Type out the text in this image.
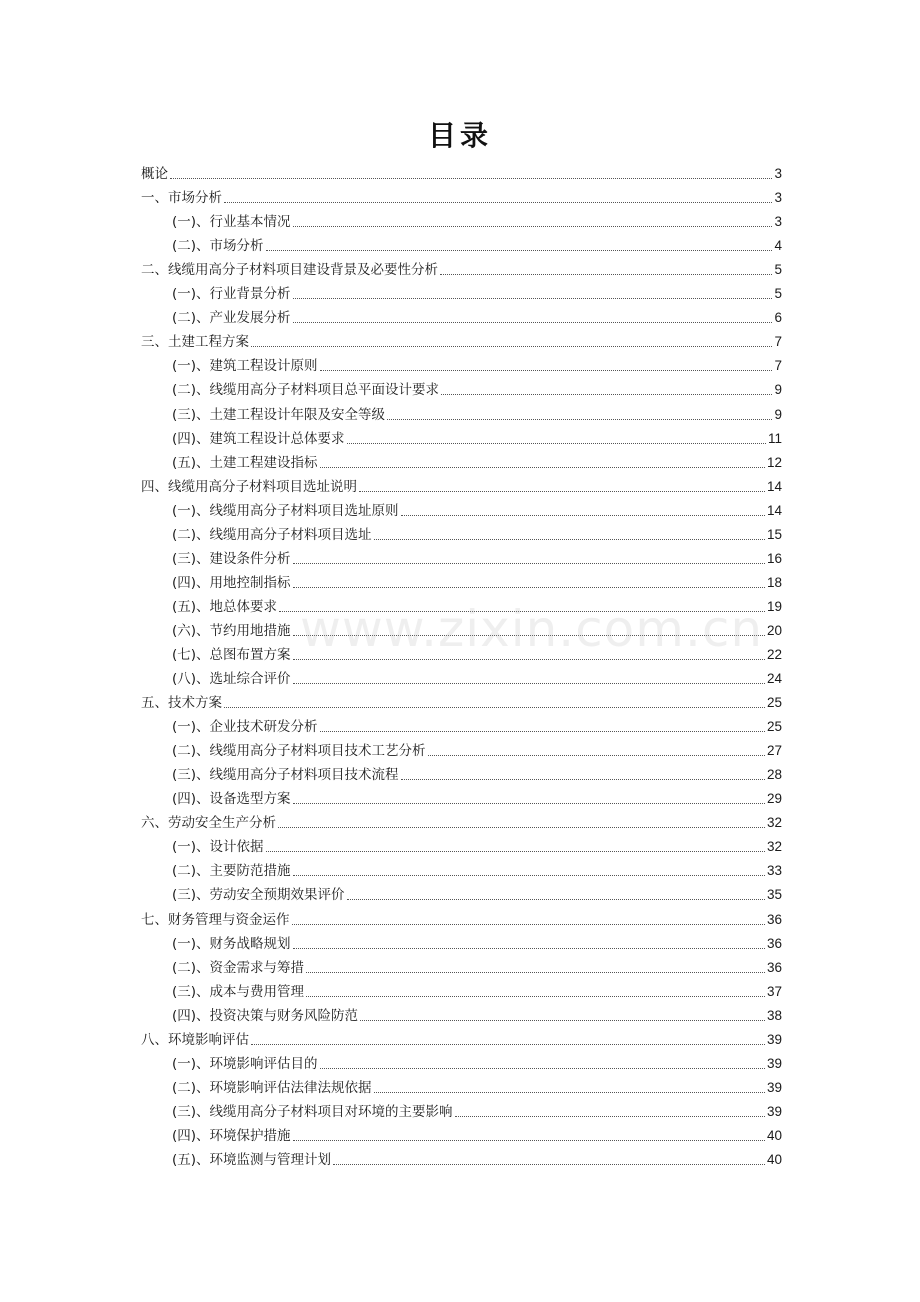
目录
概论	3
一、市场分析	3
(一)、行业基本情况	3
(二)、市场分析	4
二、线缆用高分子材料项目建设背景及必要性分析	5
(一)、行业背景分析	5
(二)、产业发展分析	6
三、土建工程方案	7
(一)、建筑工程设计原则	7
(二)、线缆用高分子材料项目总平面设计要求	9
(三)、土建工程设计年限及安全等级	9
(四)、建筑工程设计总体要求	11
(五)、土建工程建设指标	12
四、线缆用高分子材料项目选址说明	14
(一)、线缆用高分子材料项目选址原则	14
(二)、线缆用高分子材料项目选址	15
(三)、建设条件分析	16
(四)、用地控制指标	18
(五)、地总体要求	19
(六)、节约用地措施	20
(七)、总图布置方案	22
(八)、选址综合评价	24
五、技术方案	25
(一)、企业技术研发分析	25
(二)、线缆用高分子材料项目技术工艺分析	27
(三)、线缆用高分子材料项目技术流程	28
(四)、设备选型方案	29
六、劳动安全生产分析	32
(一)、设计依据	32
(二)、主要防范措施	33
(三)、劳动安全预期效果评价	35
七、财务管理与资金运作	36
(一)、财务战略规划	36
(二)、资金需求与筹措	36
(三)、成本与费用管理	37
(四)、投资决策与财务风险防范	38
八、环境影响评估	39
(一)、环境影响评估目的	39
(二)、环境影响评估法律法规依据	39
(三)、线缆用高分子材料项目对环境的主要影响	39
(四)、环境保护措施	40
(五)、环境监测与管理计划	40
www.zixin.com.cn
